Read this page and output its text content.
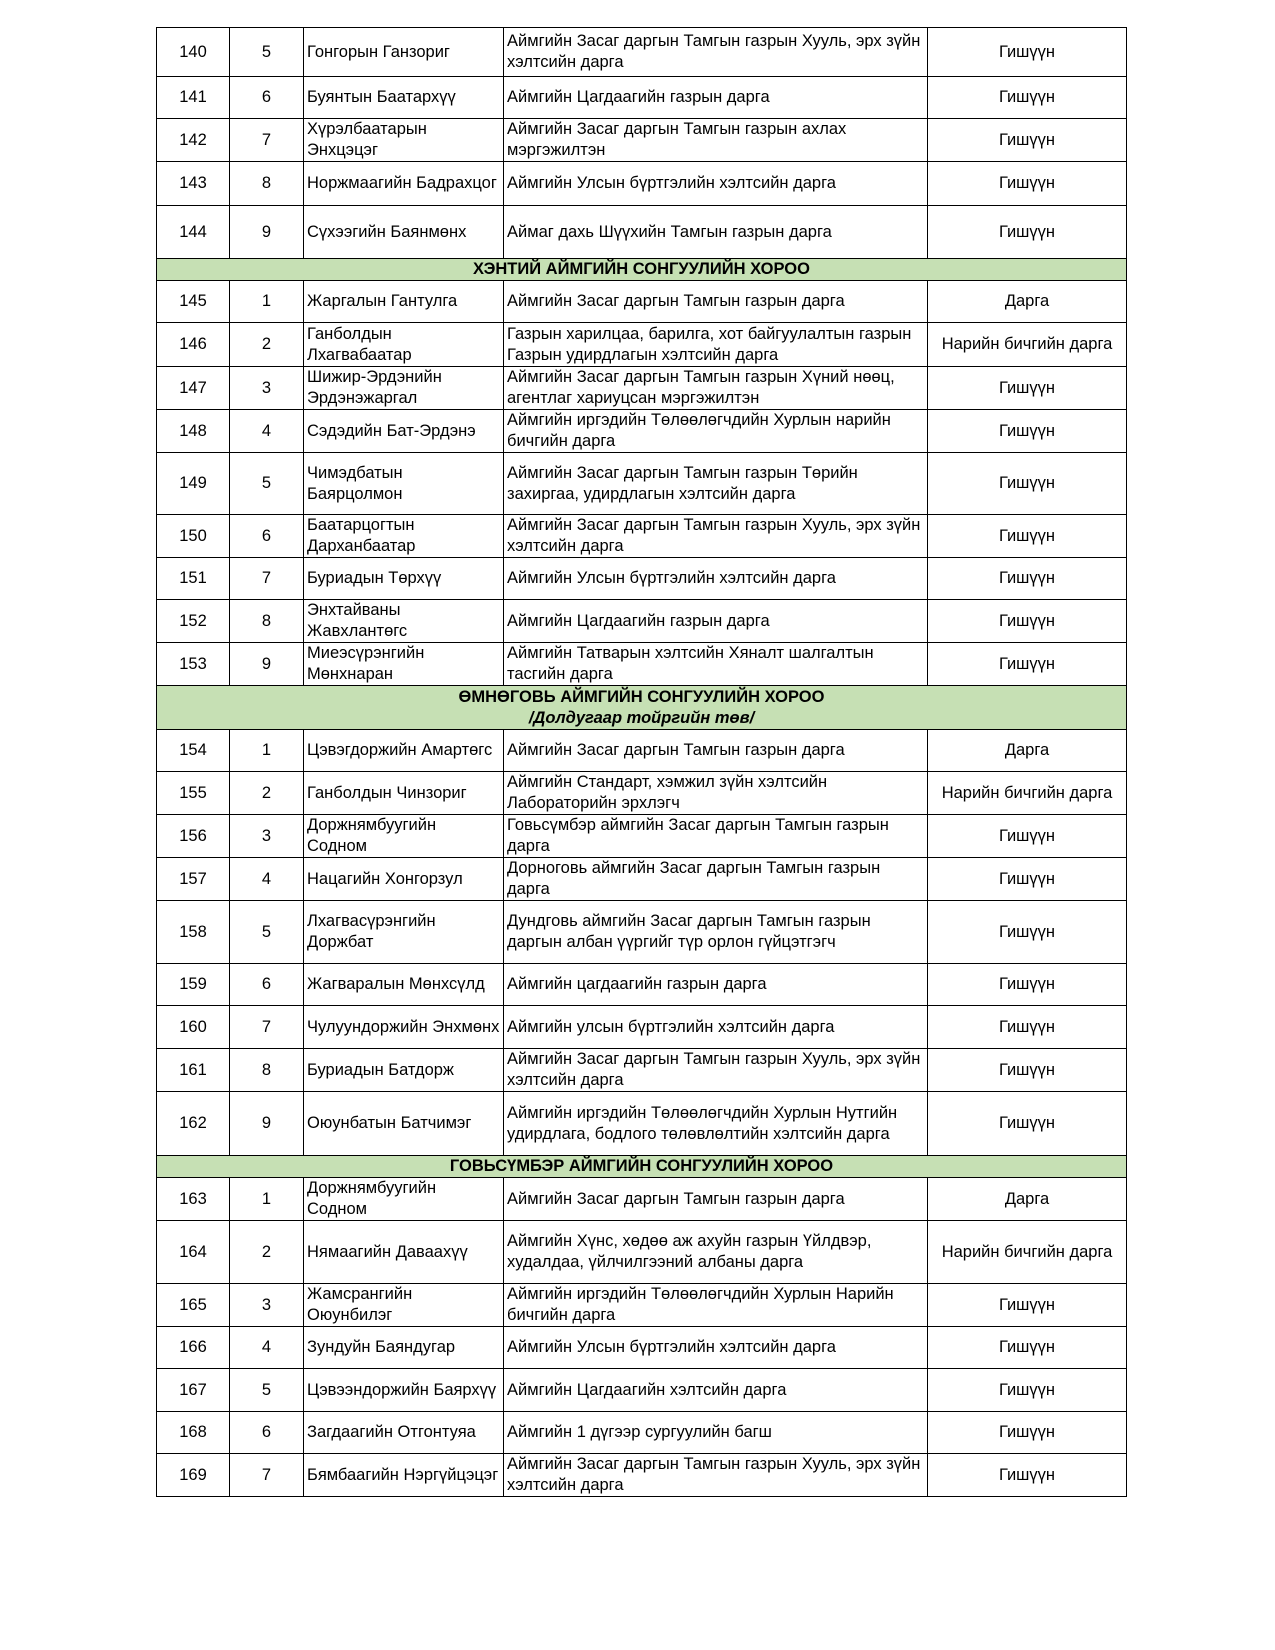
140	5	Гонгорын Ганзориг	Аймгийн Засаг даргын Тамгын газрын Хууль, эрх зүйн хэлтсийн дарга	Гишүүн
141	6	Буянтын Баатархүү	Аймгийн Цагдаагийн газрын дарга	Гишүүн
142	7	Хүрэлбаатарын Энхцэцэг	Аймгийн Засаг даргын Тамгын газрын ахлах мэргэжилтэн	Гишүүн
143	8	Норжмаагийн Бадрахцог	Аймгийн Улсын бүртгэлийн хэлтсийн дарга	Гишүүн
144	9	Сүхээгийн Баянмөнх	Аймаг дахь Шүүхийн Тамгын газрын дарга	Гишүүн
ХЭНТИЙ АЙМГИЙН СОНГУУЛИЙН ХОРОО				
145	1	Жаргалын Гантулга	Аймгийн Засаг даргын Тамгын газрын дарга	Дарга
146	2	Ганболдын Лхагвабаатар	Газрын харилцаа, барилга, хот байгуулалтын газрын Газрын удирдлагын хэлтсийн дарга	Нарийн бичгийн дарга
147	3	Шижир-Эрдэнийн Эрдэнэжаргал	Аймгийн Засаг даргын Тамгын газрын Хүний нөөц, агентлаг хариуцсан мэргэжилтэн	Гишүүн
148	4	Сэдэдийн Бат-Эрдэнэ	Аймгийн иргэдийн Төлөөлөгчдийн Хурлын нарийн бичгийн дарга	Гишүүн
149	5	Чимэдбатын Баярцолмон	Аймгийн Засаг даргын Тамгын газрын Төрийн захиргаа, удирдлагын хэлтсийн дарга	Гишүүн
150	6	Баатарцогтын Дарханбаатар	Аймгийн Засаг даргын Тамгын газрын Хууль, эрх зүйн хэлтсийн дарга	Гишүүн
151	7	Буриадын Төрхүү	Аймгийн Улсын бүртгэлийн хэлтсийн дарга	Гишүүн
152	8	Энхтайваны Жавхлантөгс	Аймгийн Цагдаагийн газрын дарга	Гишүүн
153	9	Миеэсүрэнгийн Мөнхнаран	Аймгийн Татварын хэлтсийн Хяналт шалгалтын тасгийн дарга	Гишүүн
ӨМНӨГОВЬ АЙМГИЙН СОНГУУЛИЙН ХОРОО
/Долдугаар тойргийн төв/				

154	1	Цэвэгдоржийн Амартөгс	Аймгийн Засаг даргын Тамгын газрын дарга	Дарга
155	2	Ганболдын Чинзориг	Аймгийн Стандарт, хэмжил зүйн хэлтсийн Лабораторийн эрхлэгч	Нарийн бичгийн дарга
156	3	Доржнямбуугийн Содном	Говьсүмбэр аймгийн Засаг даргын Тамгын газрын дарга	Гишүүн
157	4	Нацагийн Хонгорзул	Дорноговь аймгийн Засаг даргын Тамгын газрын дарга	Гишүүн
158	5	Лхагвасүрэнгийн Доржбат	Дундговь аймгийн Засаг даргын Тамгын газрын даргын албан үүргийг түр орлон гүйцэтгэгч	Гишүүн
159	6	Жагваралын Мөнхсүлд	Аймгийн цагдаагийн газрын дарга	Гишүүн
160	7	Чулуундоржийн Энхмөнх	Аймгийн улсын бүртгэлийн хэлтсийн дарга	Гишүүн
161	8	Буриадын Батдорж	Аймгийн Засаг даргын Тамгын газрын Хууль, эрх зүйн хэлтсийн дарга	Гишүүн
162	9	Оюунбатын Батчимэг	Аймгийн иргэдийн Төлөөлөгчдийн Хурлын Нутгийн удирдлага, бодлого төлөвлөлтийн хэлтсийн дарга	Гишүүн
ГОВЬСҮМБЭР АЙМГИЙН СОНГУУЛИЙН ХОРОО				
163	1	Доржнямбуугийн Содном	Аймгийн Засаг даргын Тамгын газрын дарга	Дарга
164	2	Нямаагийн Даваахүү	Аймгийн Хүнс, хөдөө аж ахуйн газрын Үйлдвэр, худалдаа, үйлчилгээний албаны дарга	Нарийн бичгийн дарга
165	3	Жамсрангийн Оюунбилэг	Аймгийн иргэдийн Төлөөлөгчдийн Хурлын Нарийн бичгийн дарга	Гишүүн
166	4	Зундуйн Баяндугар	Аймгийн Улсын бүртгэлийн хэлтсийн дарга	Гишүүн
167	5	Цэвээндоржийн Баярхүү	Аймгийн Цагдаагийн хэлтсийн дарга	Гишүүн
168	6	Загдаагийн Отгонтуяа	Аймгийн 1 дүгээр сургуулийн багш	Гишүүн
169	7	Бямбаагийн Нэргүйцэцэг	Аймгийн Засаг даргын Тамгын газрын Хууль, эрх зүйн хэлтсийн дарга	Гишүүн
